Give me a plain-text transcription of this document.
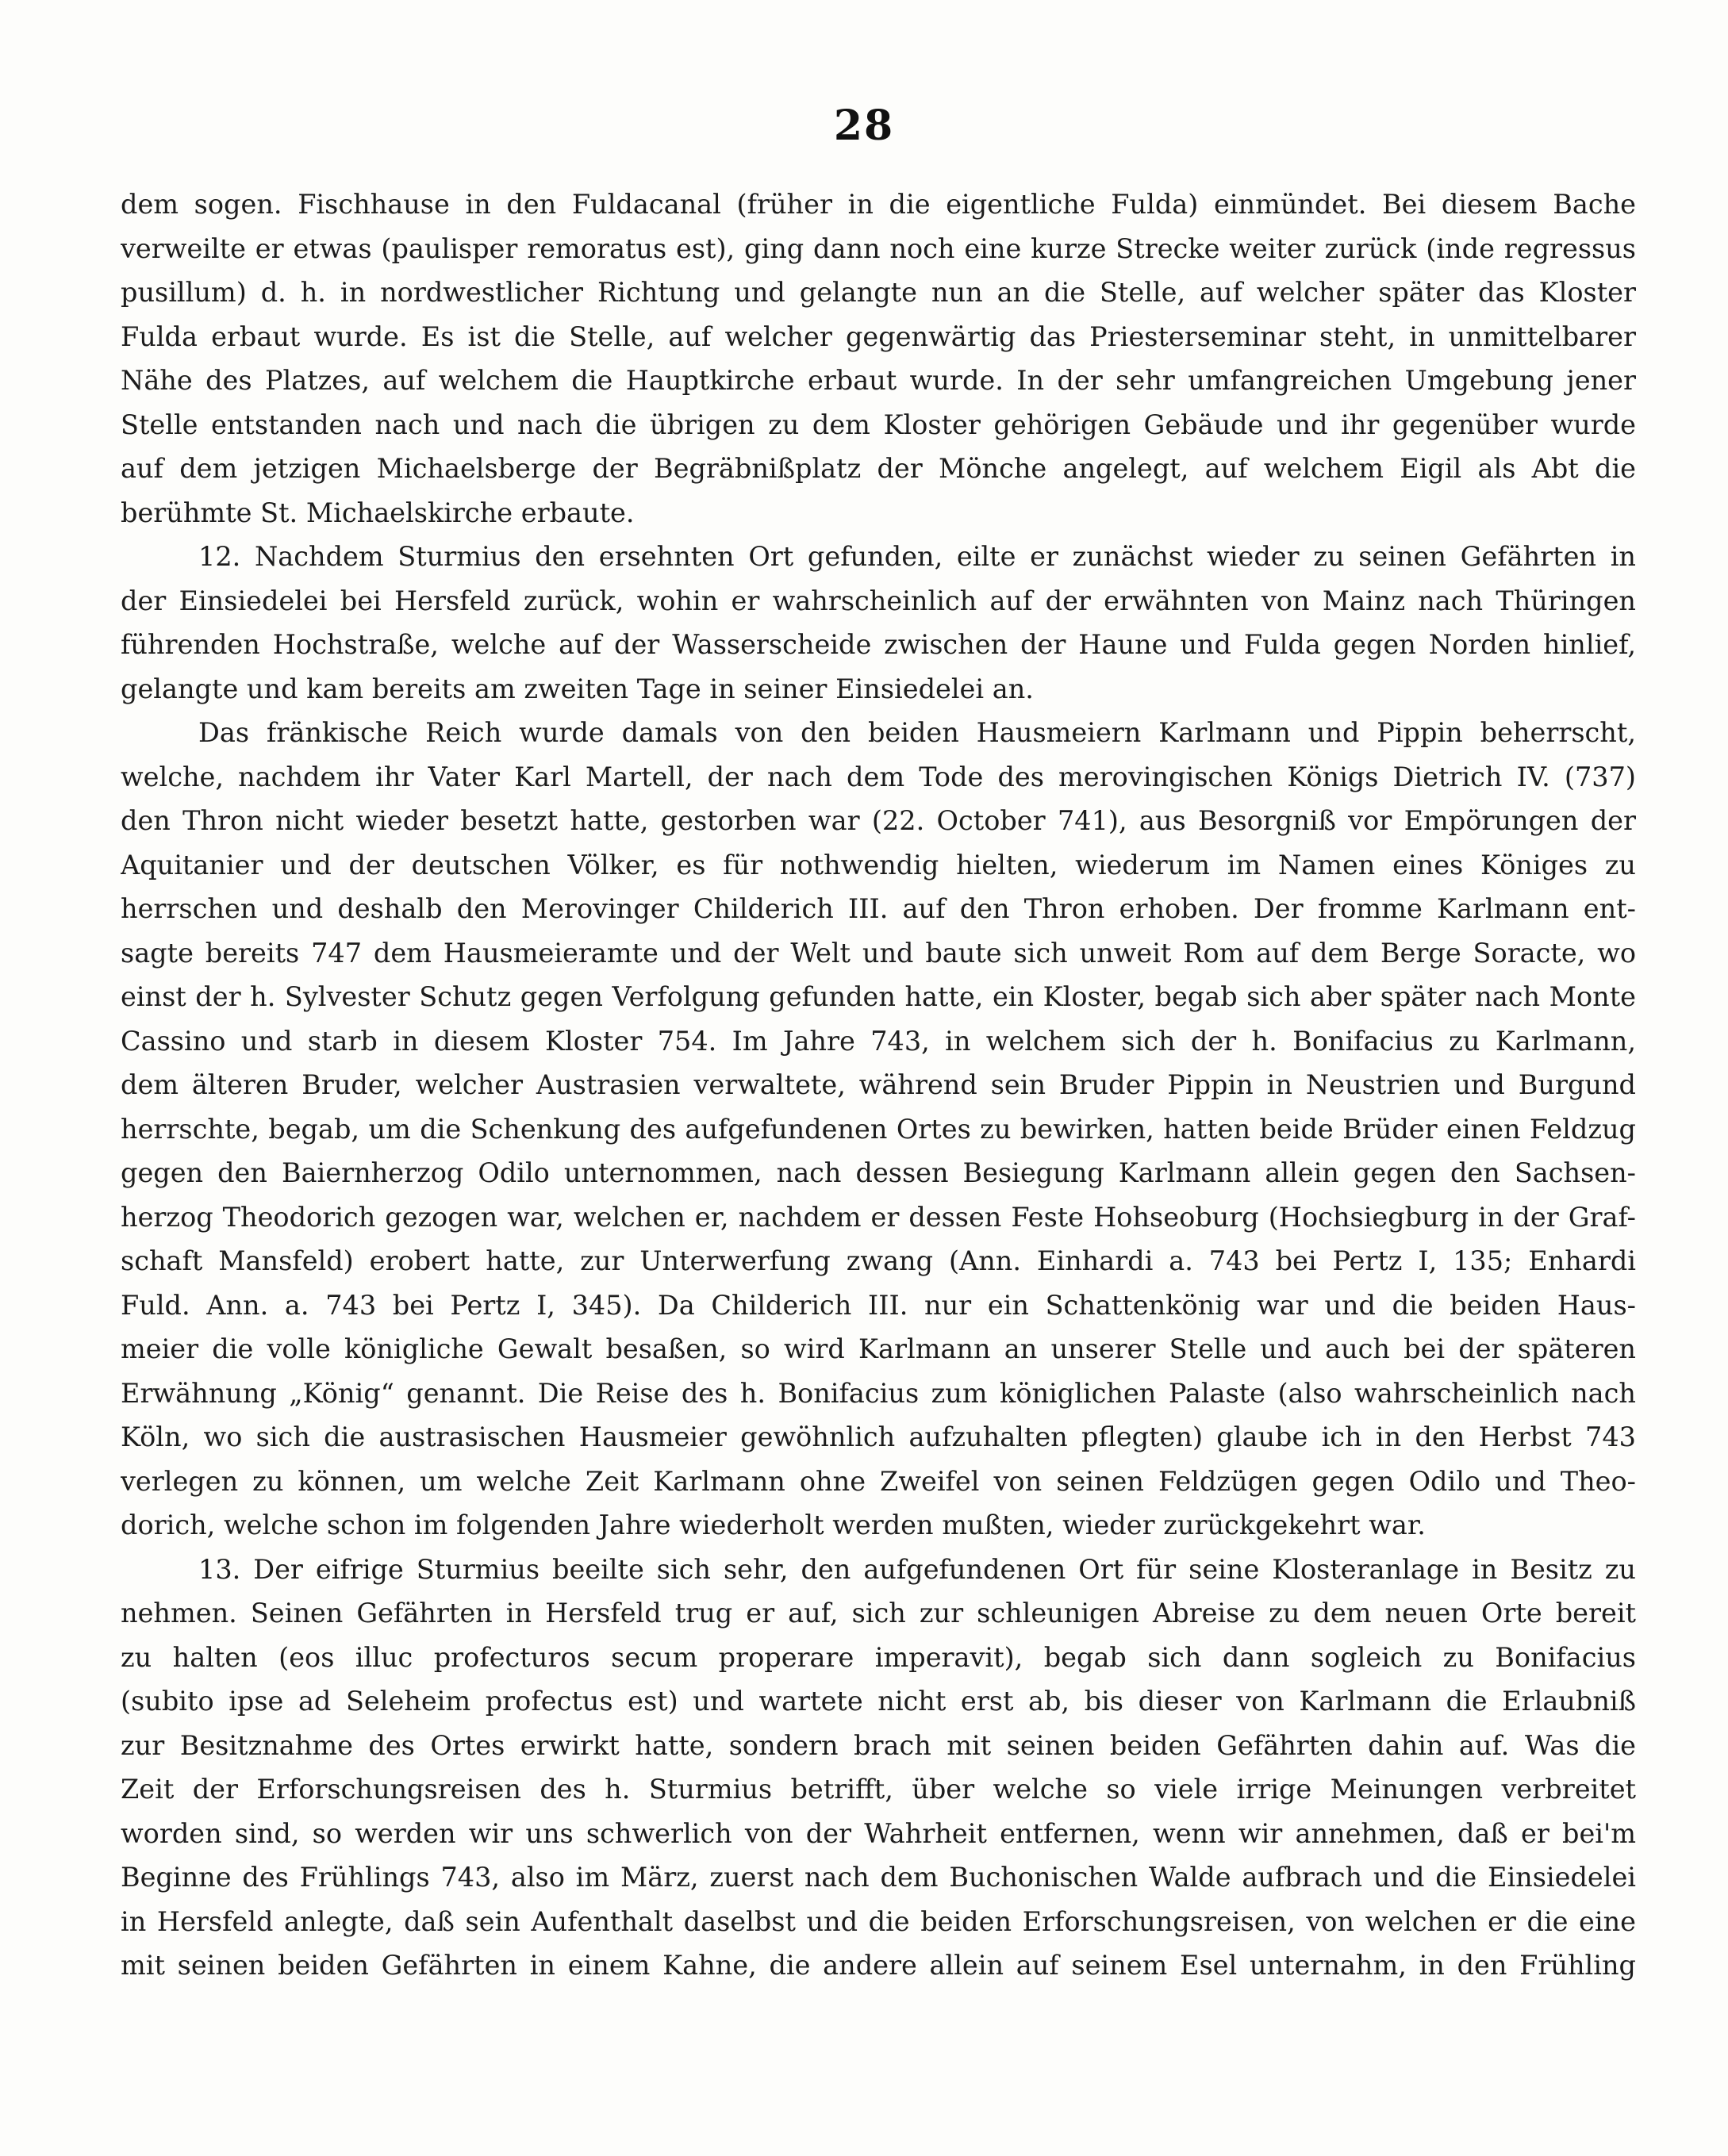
28
dem sogen. Fischhause in den Fuldacanal (früher in die eigentliche Fulda) einmündet. Bei diesem Bache
verweilte er etwas (paulisper remoratus est), ging dann noch eine kurze Strecke weiter zurück (inde regressus
pusillum) d. h. in nordwestlicher Richtung und gelangte nun an die Stelle, auf welcher später das Kloster
Fulda erbaut wurde. Es ist die Stelle, auf welcher gegenwärtig das Priesterseminar steht, in unmittelbarer
Nähe des Platzes, auf welchem die Hauptkirche erbaut wurde. In der sehr umfangreichen Umgebung jener
Stelle entstanden nach und nach die übrigen zu dem Kloster gehörigen Gebäude und ihr gegenüber wurde
auf dem jetzigen Michaelsberge der Begräbnißplatz der Mönche angelegt, auf welchem Eigil als Abt die
berühmte St. Michaelskirche erbaute.
12. Nachdem Sturmius den ersehnten Ort gefunden, eilte er zunächst wieder zu seinen Gefährten in
der Einsiedelei bei Hersfeld zurück, wohin er wahrscheinlich auf der erwähnten von Mainz nach Thüringen
führenden Hochstraße, welche auf der Wasserscheide zwischen der Haune und Fulda gegen Norden hinlief,
gelangte und kam bereits am zweiten Tage in seiner Einsiedelei an.
Das fränkische Reich wurde damals von den beiden Hausmeiern Karlmann und Pippin beherrscht,
welche, nachdem ihr Vater Karl Martell, der nach dem Tode des merovingischen Königs Dietrich IV. (737)
den Thron nicht wieder besetzt hatte, gestorben war (22. October 741), aus Besorgniß vor Empörungen der
Aquitanier und der deutschen Völker, es für nothwendig hielten, wiederum im Namen eines Königes zu
herrschen und deshalb den Merovinger Childerich III. auf den Thron erhoben. Der fromme Karlmann ent-
sagte bereits 747 dem Hausmeieramte und der Welt und baute sich unweit Rom auf dem Berge Soracte, wo
einst der h. Sylvester Schutz gegen Verfolgung gefunden hatte, ein Kloster, begab sich aber später nach Monte
Cassino und starb in diesem Kloster 754. Im Jahre 743, in welchem sich der h. Bonifacius zu Karlmann,
dem älteren Bruder, welcher Austrasien verwaltete, während sein Bruder Pippin in Neustrien und Burgund
herrschte, begab, um die Schenkung des aufgefundenen Ortes zu bewirken, hatten beide Brüder einen Feldzug
gegen den Baiernherzog Odilo unternommen, nach dessen Besiegung Karlmann allein gegen den Sachsen-
herzog Theodorich gezogen war, welchen er, nachdem er dessen Feste Hohseoburg (Hochsiegburg in der Graf-
schaft Mansfeld) erobert hatte, zur Unterwerfung zwang (Ann. Einhardi a. 743 bei Pertz I, 135; Enhardi
Fuld. Ann. a. 743 bei Pertz I, 345). Da Childerich III. nur ein Schattenkönig war und die beiden Haus-
meier die volle königliche Gewalt besaßen, so wird Karlmann an unserer Stelle und auch bei der späteren
Erwähnung „König“ genannt. Die Reise des h. Bonifacius zum königlichen Palaste (also wahrscheinlich nach
Köln, wo sich die austrasischen Hausmeier gewöhnlich aufzuhalten pflegten) glaube ich in den Herbst 743
verlegen zu können, um welche Zeit Karlmann ohne Zweifel von seinen Feldzügen gegen Odilo und Theo-
dorich, welche schon im folgenden Jahre wiederholt werden mußten, wieder zurückgekehrt war.
13. Der eifrige Sturmius beeilte sich sehr, den aufgefundenen Ort für seine Klosteranlage in Besitz zu
nehmen. Seinen Gefährten in Hersfeld trug er auf, sich zur schleunigen Abreise zu dem neuen Orte bereit
zu halten (eos illuc profecturos secum properare imperavit), begab sich dann sogleich zu Bonifacius
(subito ipse ad Seleheim profectus est) und wartete nicht erst ab, bis dieser von Karlmann die Erlaubniß
zur Besitznahme des Ortes erwirkt hatte, sondern brach mit seinen beiden Gefährten dahin auf. Was die
Zeit der Erforschungsreisen des h. Sturmius betrifft, über welche so viele irrige Meinungen verbreitet
worden sind, so werden wir uns schwerlich von der Wahrheit entfernen, wenn wir annehmen, daß er bei'm
Beginne des Frühlings 743, also im März, zuerst nach dem Buchonischen Walde aufbrach und die Einsiedelei
in Hersfeld anlegte, daß sein Aufenthalt daselbst und die beiden Erforschungsreisen, von welchen er die eine
mit seinen beiden Gefährten in einem Kahne, die andere allein auf seinem Esel unternahm, in den Frühling
